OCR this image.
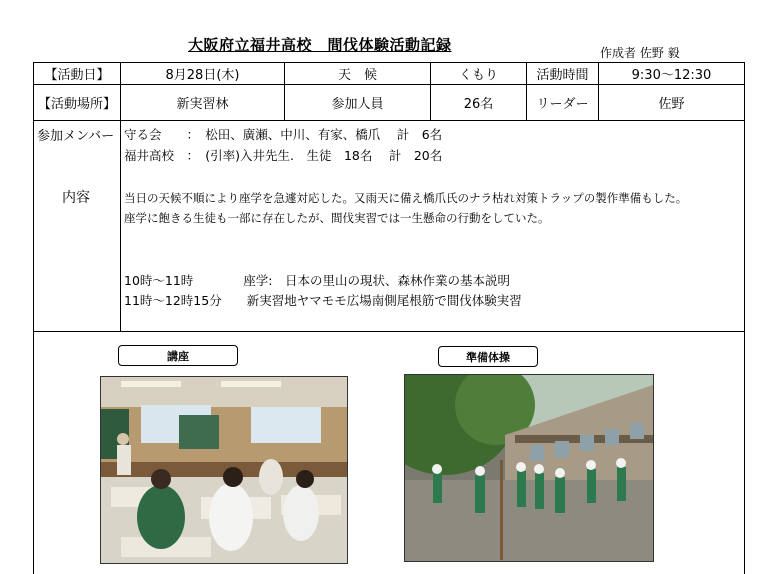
大阪府立福井高校　間伐体験活動記録	作成者 佐野 毅
【活動日】	8月28日(木)	天　候	くもり	活動時間	9:30～12:30
【活動場所】	新実習林	参加人員	26名	リーダー	佐野
参加メンバー 守る会　　：　松田、廣瀬、中川、有家、橋爪　 計　6名
福井高校　：　(引率)入井先生.　生徒　18名　 計　20名
内容	当日の天候不順により座学を急遽対応した。又雨天に備え橋爪氏のナラ枯れ対策トラップの製作準備もした。
座学に飽きる生徒も一部に存在したが、間伐実習では一生懸命の行動をしていた。
10時～11時　　　　座学:　日本の里山の現状、森林作業の基本説明
11時～12時15分　　新実習地ヤマモモ広場南側尾根筋で間伐体験実習
講座	準備体操
